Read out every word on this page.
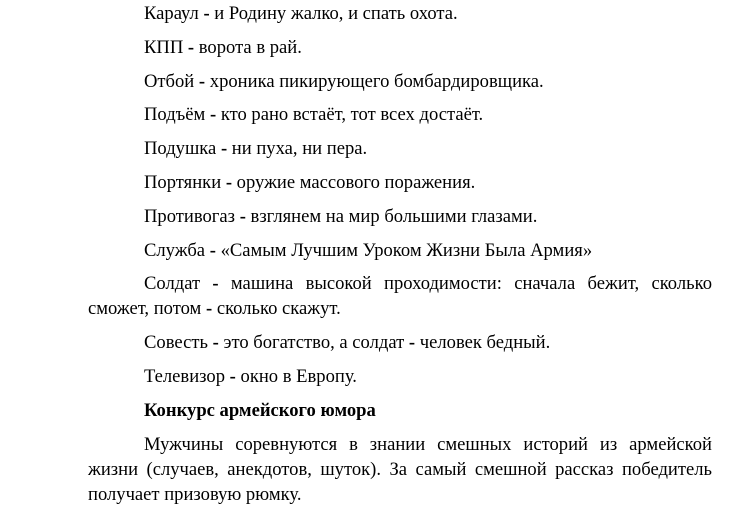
Караул - и Родину жалко, и спать охота.

КПП - ворота в рай.

Отбой - хроника пикирующего бомбардировщика.

Подъём - кто рано встаёт, тот всех достаёт.

Подушка - ни пуха, ни пера.

Портянки - оружие массового поражения.

Противогаз - взглянем на мир большими глазами.

Служба - «Самым Лучшим Уроком Жизни Была Армия»

Солдат - машина высокой проходимости: сначала бежит, сколько сможет, потом - сколько скажут.

Совесть - это богатство, а солдат - человек бедный.

Телевизор - окно в Европу.

Конкурс армейского юмора

Мужчины соревнуются в знании смешных историй из армейской жизни (случаев, анекдотов, шуток). За самый смешной рассказ победитель получает призовую рюмку.
